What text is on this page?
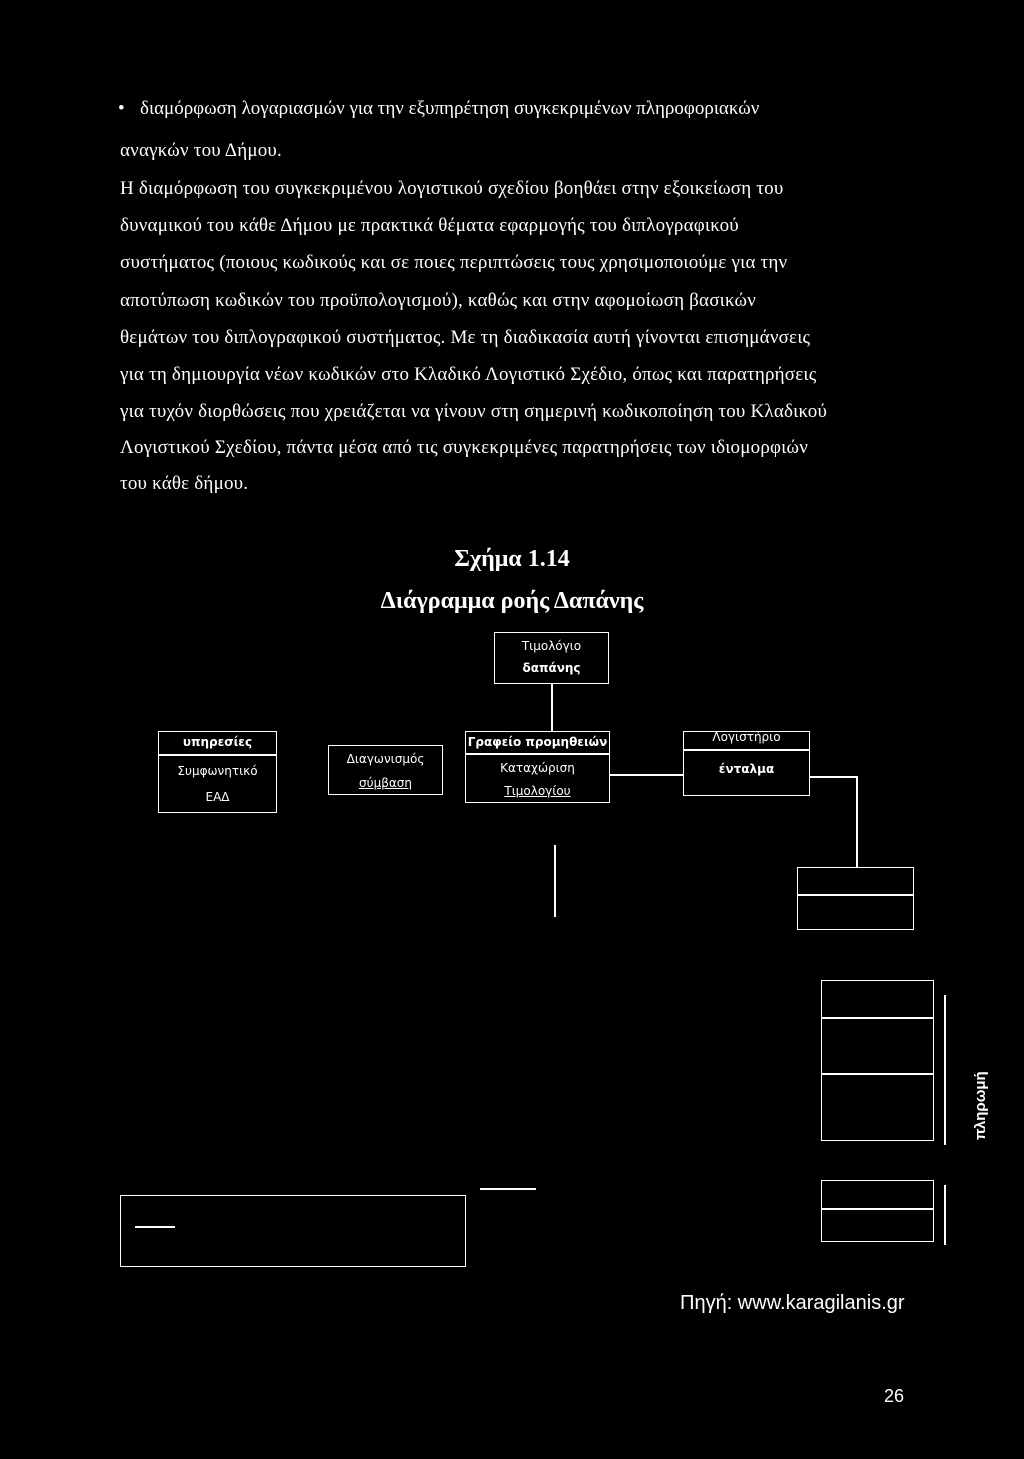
• διαμόρφωση λογαριασμών για την εξυπηρέτηση συγκεκριμένων πληροφοριακών
αναγκών του Δήμου.
Η διαμόρφωση του συγκεκριμένου λογιστικού σχεδίου βοηθάει στην εξοικείωση του
δυναμικού του κάθε Δήμου με πρακτικά θέματα εφαρμογής του διπλογραφικού
συστήματος (ποιους κωδικούς και σε ποιες περιπτώσεις τους χρησιμοποιούμε για την
αποτύπωση κωδικών του προϋπολογισμού), καθώς και στην αφομοίωση βασικών
θεμάτων του διπλογραφικού συστήματος. Με τη διαδικασία αυτή γίνονται επισημάνσεις
για τη δημιουργία νέων κωδικών στο Κλαδικό Λογιστικό Σχέδιο, όπως και παρατηρήσεις
για τυχόν διορθώσεις που χρειάζεται να γίνουν στη σημερινή κωδικοποίηση του Κλαδικού
Λογιστικού Σχεδίου, πάντα μέσα από τις συγκεκριμένες παρατηρήσεις των ιδιομορφιών
του κάθε δήμου.
Σχήμα 1.14
Διάγραμμα ροής Δαπάνης
Τιμολόγιο
δαπάνης
υπηρεσίες
Συμφωνητικό
ΕΑΔ
Διαγωνισμός
σύμβαση
Γραφείο προμηθειών
Καταχώριση
Τιμολογίου
Λογιστήριο
ένταλμα
πληρωμή
Πηγή: www.karagilanis.gr
26
